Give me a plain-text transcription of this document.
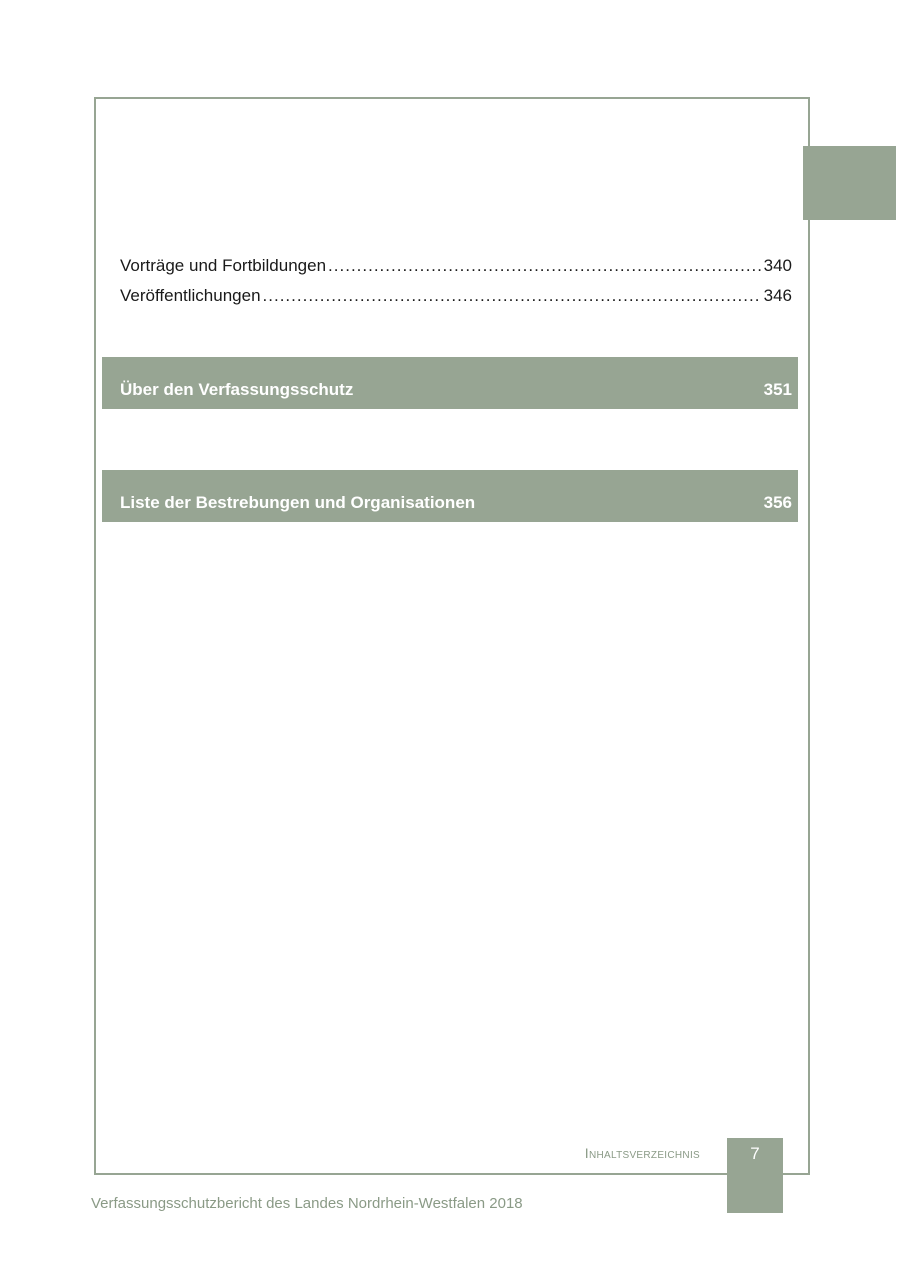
Vorträge und Fortbildungen .....	340
Veröffentlichungen .....	346
Über den Verfassungsschutz	351
Liste der Bestrebungen und Organisationen	356
Inhaltsverzeichnis	7
Verfassungsschutzbericht des Landes Nordrhein-Westfalen 2018
